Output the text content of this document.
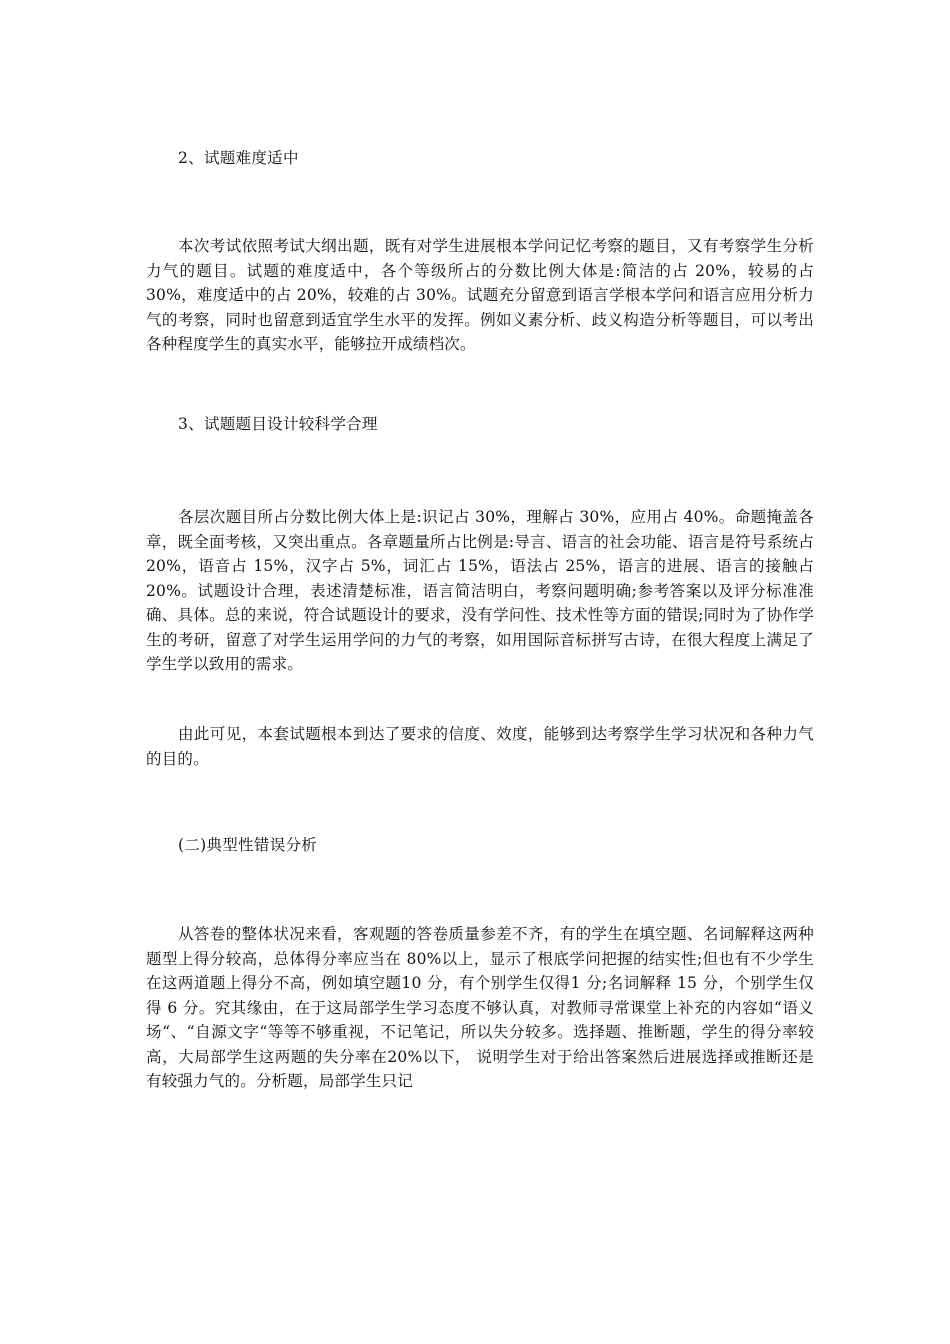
2、试题难度适中
本次考试依照考试大纲出题，既有对学生进展根本学问记忆考察的题目，又有考察学生分析力气的题目。试题的难度适中，各个等级所占的分数比例大体是:简洁的占 20%，较易的占 30%，难度适中的占 20%，较难的占 30%。试题充分留意到语言学根本学问和语言应用分析力气的考察，同时也留意到适宜学生水平的发挥。例如义素分析、歧义构造分析等题目，可以考出各种程度学生的真实水平，能够拉开成绩档次。
3、试题题目设计较科学合理
各层次题目所占分数比例大体上是:识记占 30%，理解占 30%，应用占 40%。命题掩盖各章，既全面考核，又突出重点。各章题量所占比例是:导言、语言的社会功能、语言是符号系统占 20%，语音占 15%，汉字占 5%，词汇占 15%，语法占 25%，语言的进展、语言的接触占 20%。试题设计合理，表述清楚标准，语言简洁明白，考察问题明确;参考答案以及评分标准准确、具体。总的来说，符合试题设计的要求，没有学问性、技术性等方面的错误;同时为了协作学生的考研，留意了对学生运用学问的力气的考察，如用国际音标拼写古诗，在很大程度上满足了学生学以致用的需求。
由此可见，本套试题根本到达了要求的信度、效度，能够到达考察学生学习状况和各种力气的目的。
(二)典型性错误分析
从答卷的整体状况来看，客观题的答卷质量参差不齐，有的学生在填空题、名词解释这两种题型上得分较高，总体得分率应当在 80%以上，显示了根底学问把握的结实性;但也有不少学生在这两道题上得分不高，例如填空题10 分，有个别学生仅得1 分;名词解释 15 分，个别学生仅得 6 分。究其缘由，在于这局部学生学习态度不够认真，对教师寻常课堂上补充的内容如“语义场“、“自源文字“等等不够重视，不记笔记，所以失分较多。选择题、推断题，学生的得分率较高，大局部学生这两题的失分率在20%以下， 说明学生对于给出答案然后进展选择或推断还是有较强力气的。分析题，局部学生只记
